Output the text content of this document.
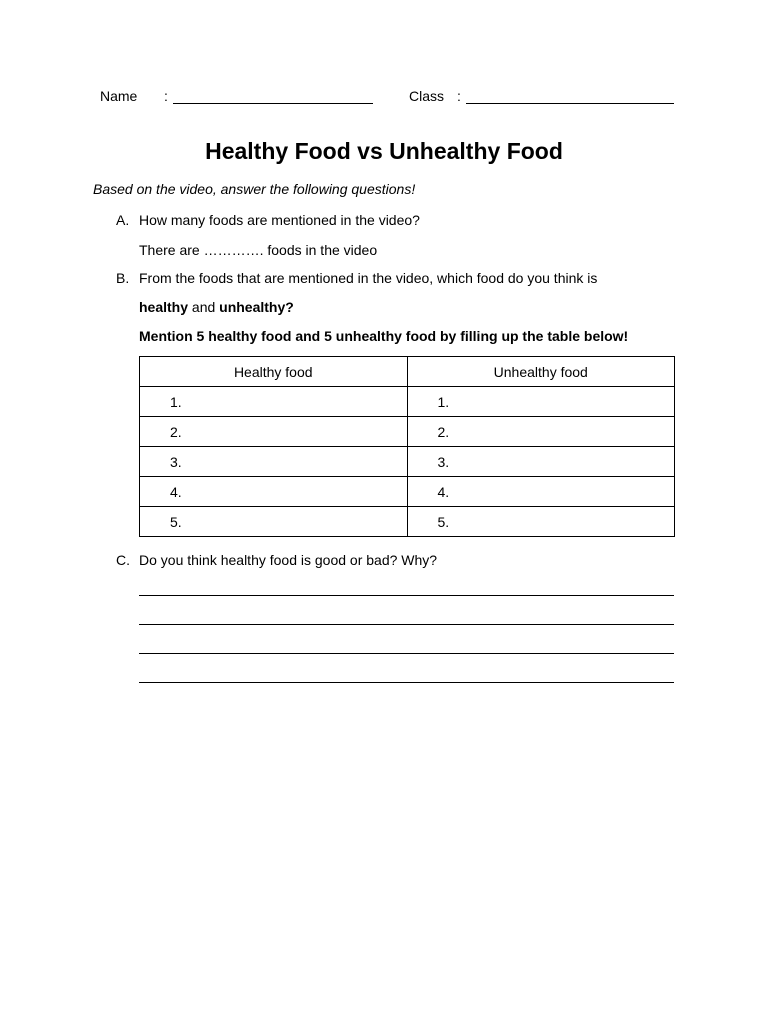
Name :	Class :
Healthy Food vs Unhealthy Food
Based on the video, answer the following questions!
A. How many foods are mentioned in the video?
There are …………. foods in the video
B. From the foods that are mentioned in the video, which food do you think is
healthy and unhealthy?
Mention 5 healthy food and 5 unhealthy food by filling up the table below!
Healthy food	Unhealthy food
1.	1.
2.	2.
3.	3.
4.	4.
5.	5.
C. Do you think healthy food is good or bad? Why?
